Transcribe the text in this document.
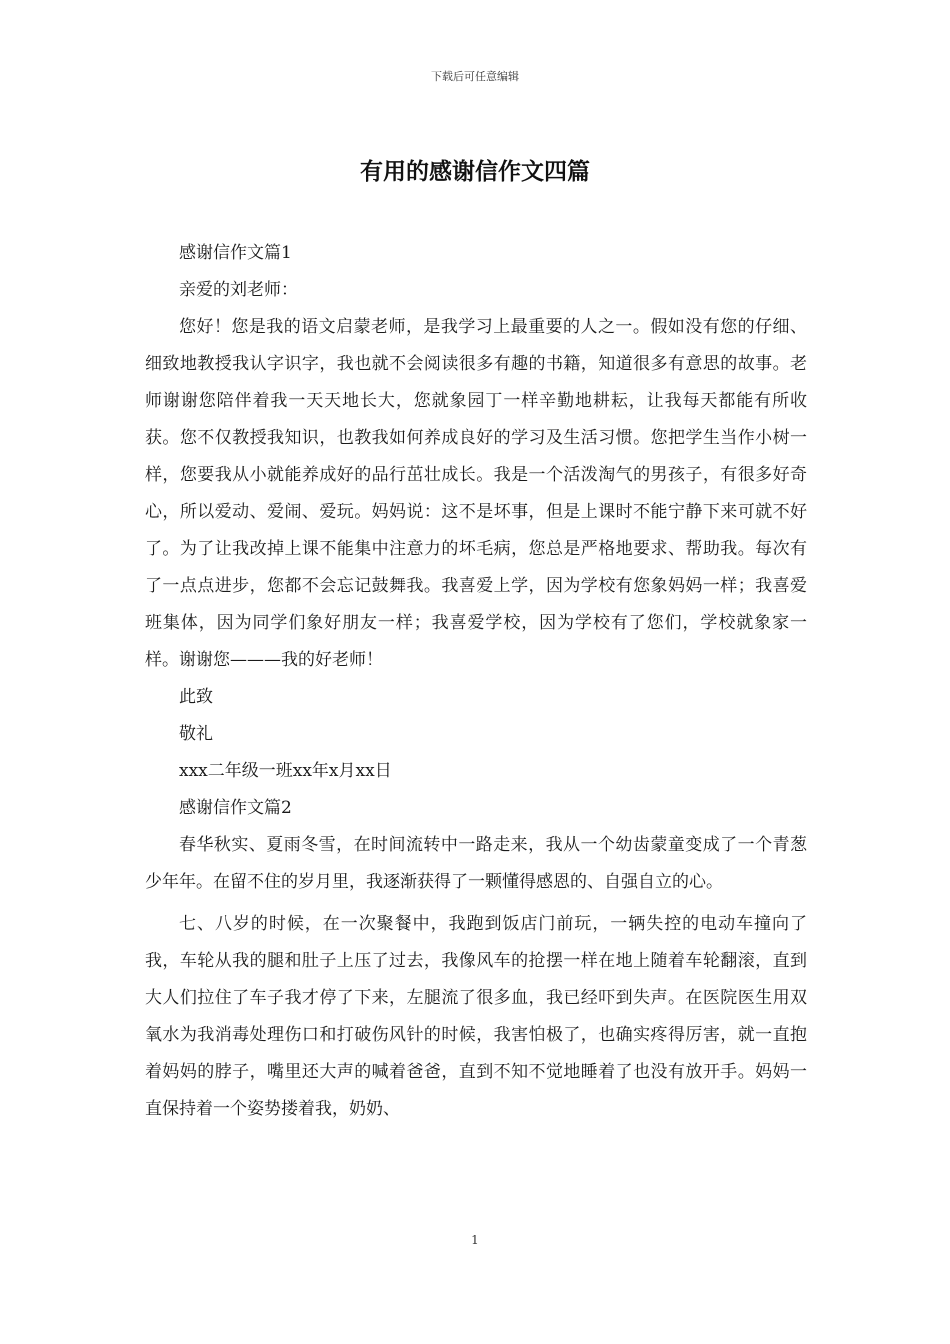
下载后可任意编辑
有用的感谢信作文四篇

感谢信作文篇1

亲爱的刘老师：

您好！您是我的语文启蒙老师，是我学习上最重要的人之一。假如没有您的仔细、细致地教授我认字识字，我也就不会阅读很多有趣的书籍，知道很多有意思的故事。老师谢谢您陪伴着我一天天地长大，您就象园丁一样辛勤地耕耘，让我每天都能有所收获。您不仅教授我知识，也教我如何养成良好的学习及生活习惯。您把学生当作小树一样，您要我从小就能养成好的品行茁壮成长。我是一个活泼淘气的男孩子，有很多好奇心，所以爱动、爱闹、爱玩。妈妈说：这不是坏事，但是上课时不能宁静下来可就不好了。为了让我改掉上课不能集中注意力的坏毛病，您总是严格地要求、帮助我。每次有了一点点进步，您都不会忘记鼓舞我。我喜爱上学，因为学校有您象妈妈一样；我喜爱班集体，因为同学们象好朋友一样；我喜爱学校，因为学校有了您们，学校就象家一样。谢谢您———我的好老师！

此致

敬礼

xxx二年级一班xx年x月xx日

感谢信作文篇2

春华秋实、夏雨冬雪，在时间流转中一路走来，我从一个幼齿蒙童变成了一个青葱少年年。在留不住的岁月里，我逐渐获得了一颗懂得感恩的、自强自立的心。

七、八岁的时候，在一次聚餐中，我跑到饭店门前玩，一辆失控的电动车撞向了我，车轮从我的腿和肚子上压了过去，我像风车的抢摆一样在地上随着车轮翻滚，直到大人们拉住了车子我才停了下来，左腿流了很多血，我已经吓到失声。在医院医生用双氧水为我消毒处理伤口和打破伤风针的时候，我害怕极了，也确实疼得厉害，就一直抱着妈妈的脖子，嘴里还大声的喊着爸爸，直到不知不觉地睡着了也没有放开手。妈妈一直保持着一个姿势搂着我，奶奶、

1
